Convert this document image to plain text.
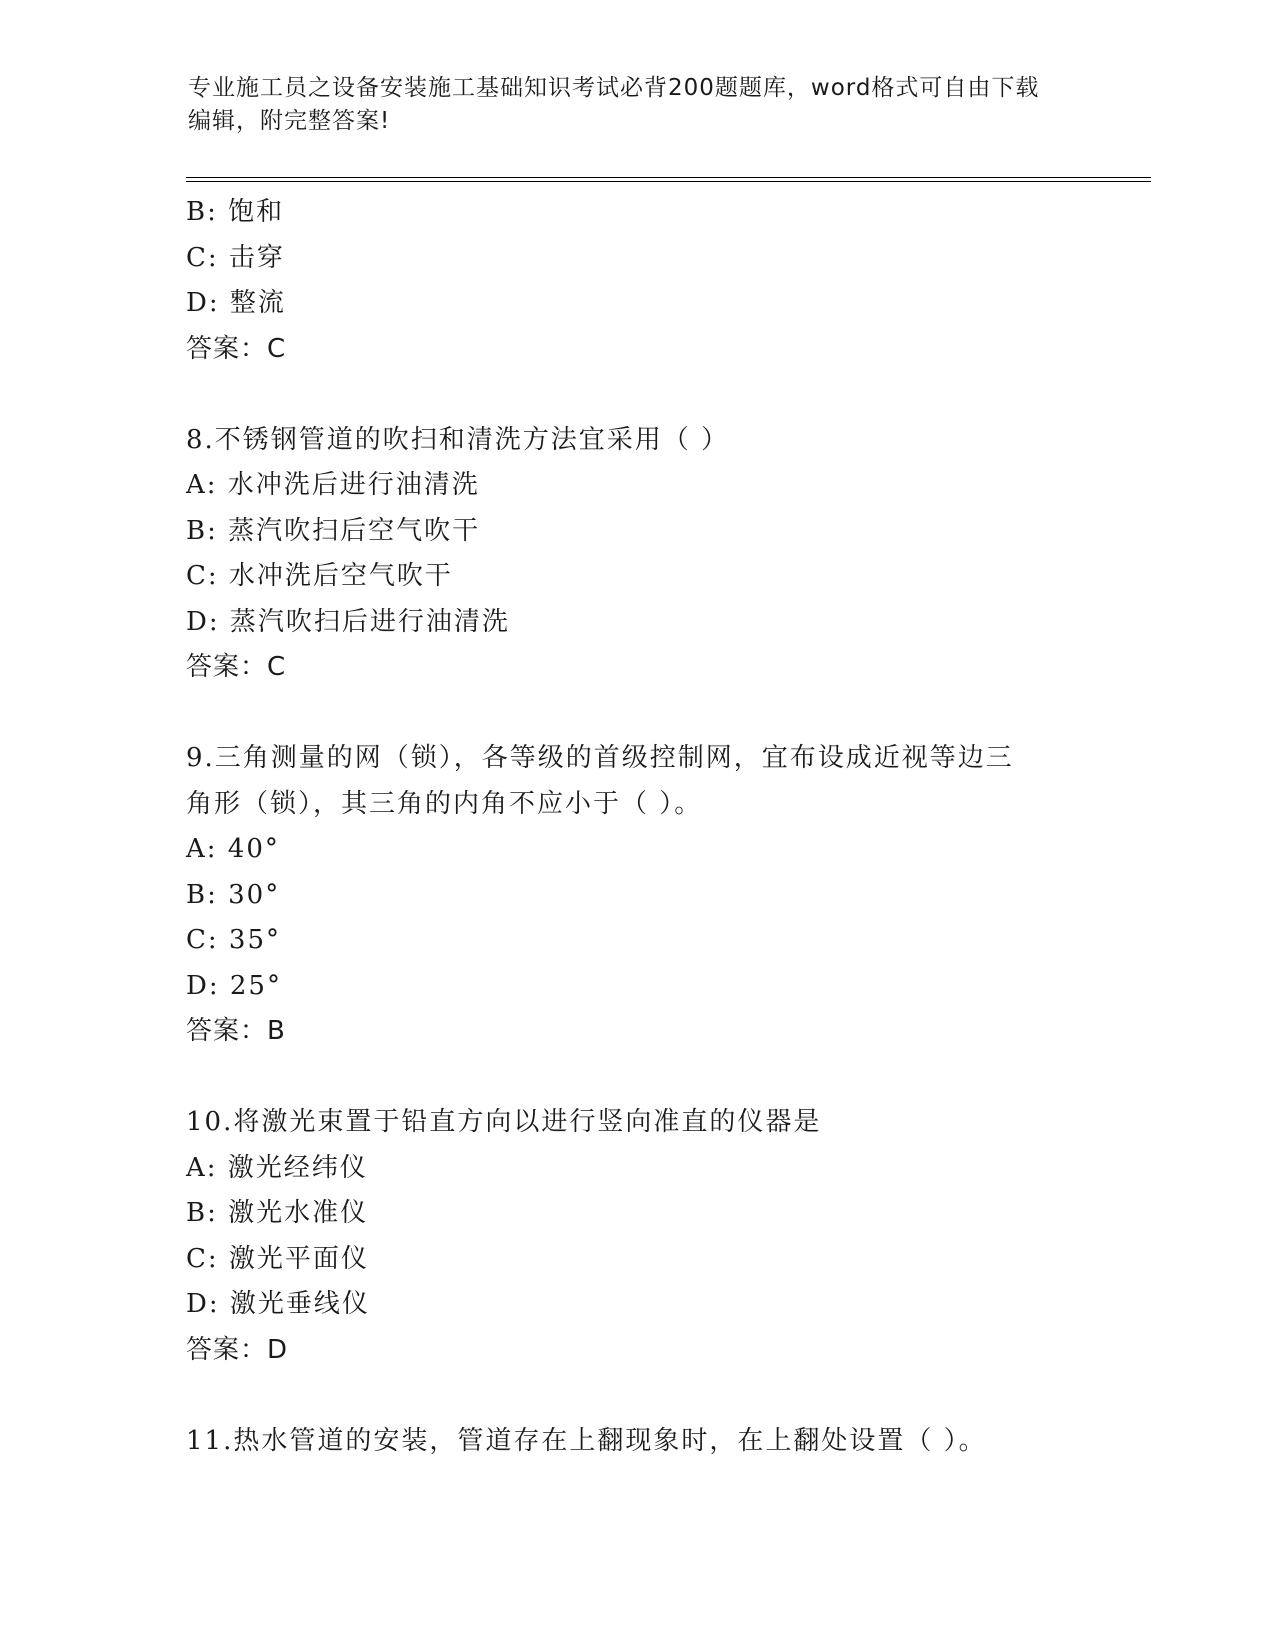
专业施工员之设备安装施工基础知识考试必背200题题库，word格式可自由下载
编辑，附完整答案!
B: 饱和
C: 击穿
D: 整流
答案：C
8.不锈钢管道的吹扫和清洗方法宜采用（ ）
A: 水冲洗后进行油清洗
B: 蒸汽吹扫后空气吹干
C: 水冲洗后空气吹干
D: 蒸汽吹扫后进行油清洗
答案：C
9.三角测量的网（锁），各等级的首级控制网，宜布设成近视等边三
角形（锁），其三角的内角不应小于（ ）。
A: 40°
B: 30°
C: 35°
D: 25°
答案：B
10.将激光束置于铅直方向以进行竖向准直的仪器是
A: 激光经纬仪
B: 激光水准仪
C: 激光平面仪
D: 激光垂线仪
答案：D
11.热水管道的安装，管道存在上翻现象时，在上翻处设置（ ）。
